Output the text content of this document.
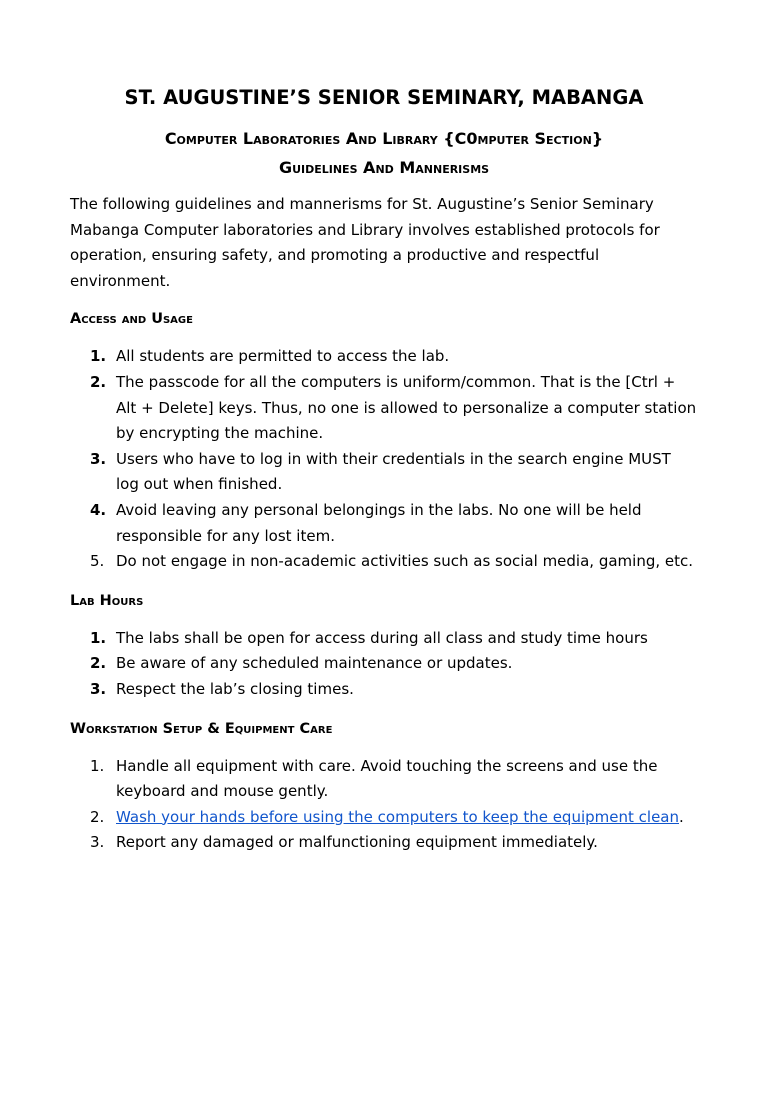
ST. AUGUSTINE’S SENIOR SEMINARY, MABANGA

Computer Laboratories And Library {C0mputer Section}

Guidelines And Mannerisms

The following guidelines and mannerisms for St. Augustine’s Senior Seminary Mabanga Computer laboratories and Library involves established protocols for operation, ensuring safety, and promoting a productive and respectful environment.

Access and Usage
1. All students are permitted to access the lab.
2. The passcode for all the computers is uniform/common. That is the [Ctrl + Alt + Delete] keys. Thus, no one is allowed to personalize a computer station by encrypting the machine.
3. Users who have to log in with their credentials in the search engine MUST log out when finished.
4. Avoid leaving any personal belongings in the labs. No one will be held responsible for any lost item.
5. Do not engage in non-academic activities such as social media, gaming, etc.
Lab Hours
1. The labs shall be open for access during all class and study time hours
2. Be aware of any scheduled maintenance or updates.
3. Respect the lab’s closing times.
Workstation Setup & Equipment Care
1. Handle all equipment with care. Avoid touching the screens and use the keyboard and mouse gently.
2. Wash your hands before using the computers to keep the equipment clean.
3. Report any damaged or malfunctioning equipment immediately.
